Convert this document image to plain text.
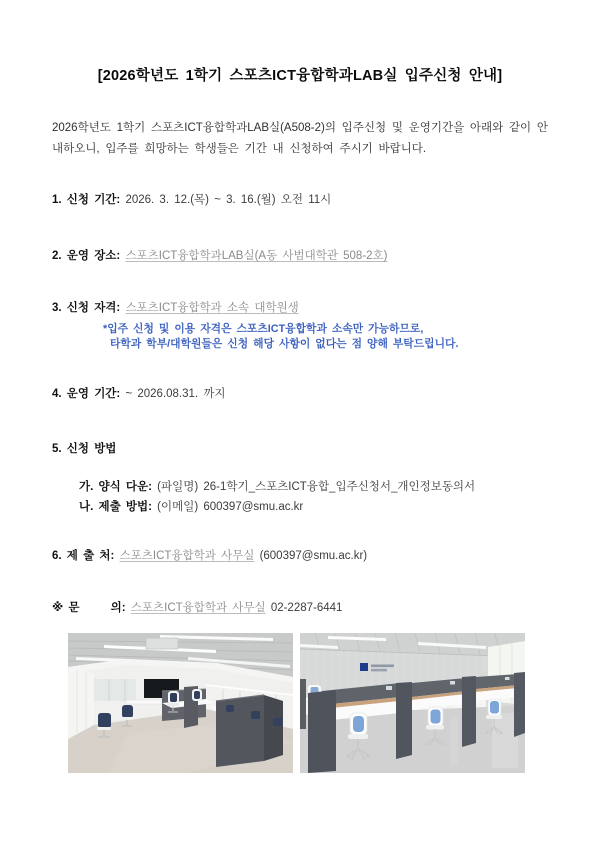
[2026학년도 1학기 스포츠ICT융합학과LAB실 입주신청 안내]

2026학년도 1학기 스포츠ICT융합학과LAB실(A508-2)의 입주신청 및 운영기간을 아래와 같이 안내하오니, 입주를 희망하는 학생들은 기간 내 신청하여 주시기 바랍니다.

1. 신청 기간: 2026. 3. 12.(목) ~ 3. 16.(월) 오전 11시
2. 운영 장소: 스포츠ICT융합학과LAB실(A동 사범대학관 508-2호)
3. 신청 자격: 스포츠ICT융합학과 소속 대학원생
*입주 신청 및 이용 자격은 스포츠ICT융합학과 소속만 가능하므로,
타학과 학부/대학원들은 신청 해당 사항이 없다는 점 양해 부탁드립니다.
4. 운영 기간: ~ 2026.08.31. 까지
5. 신청 방법
가. 양식 다운: (파일명) 26-1학기_스포츠ICT융합_입주신청서_개인정보동의서
나. 제출 방법: (이메일) 600397@smu.ac.kr
6. 제 출 처: 스포츠ICT융합학과 사무실 (600397@smu.ac.kr)
※ 문      의: 스포츠ICT융합학과 사무실 02-2287-6441
